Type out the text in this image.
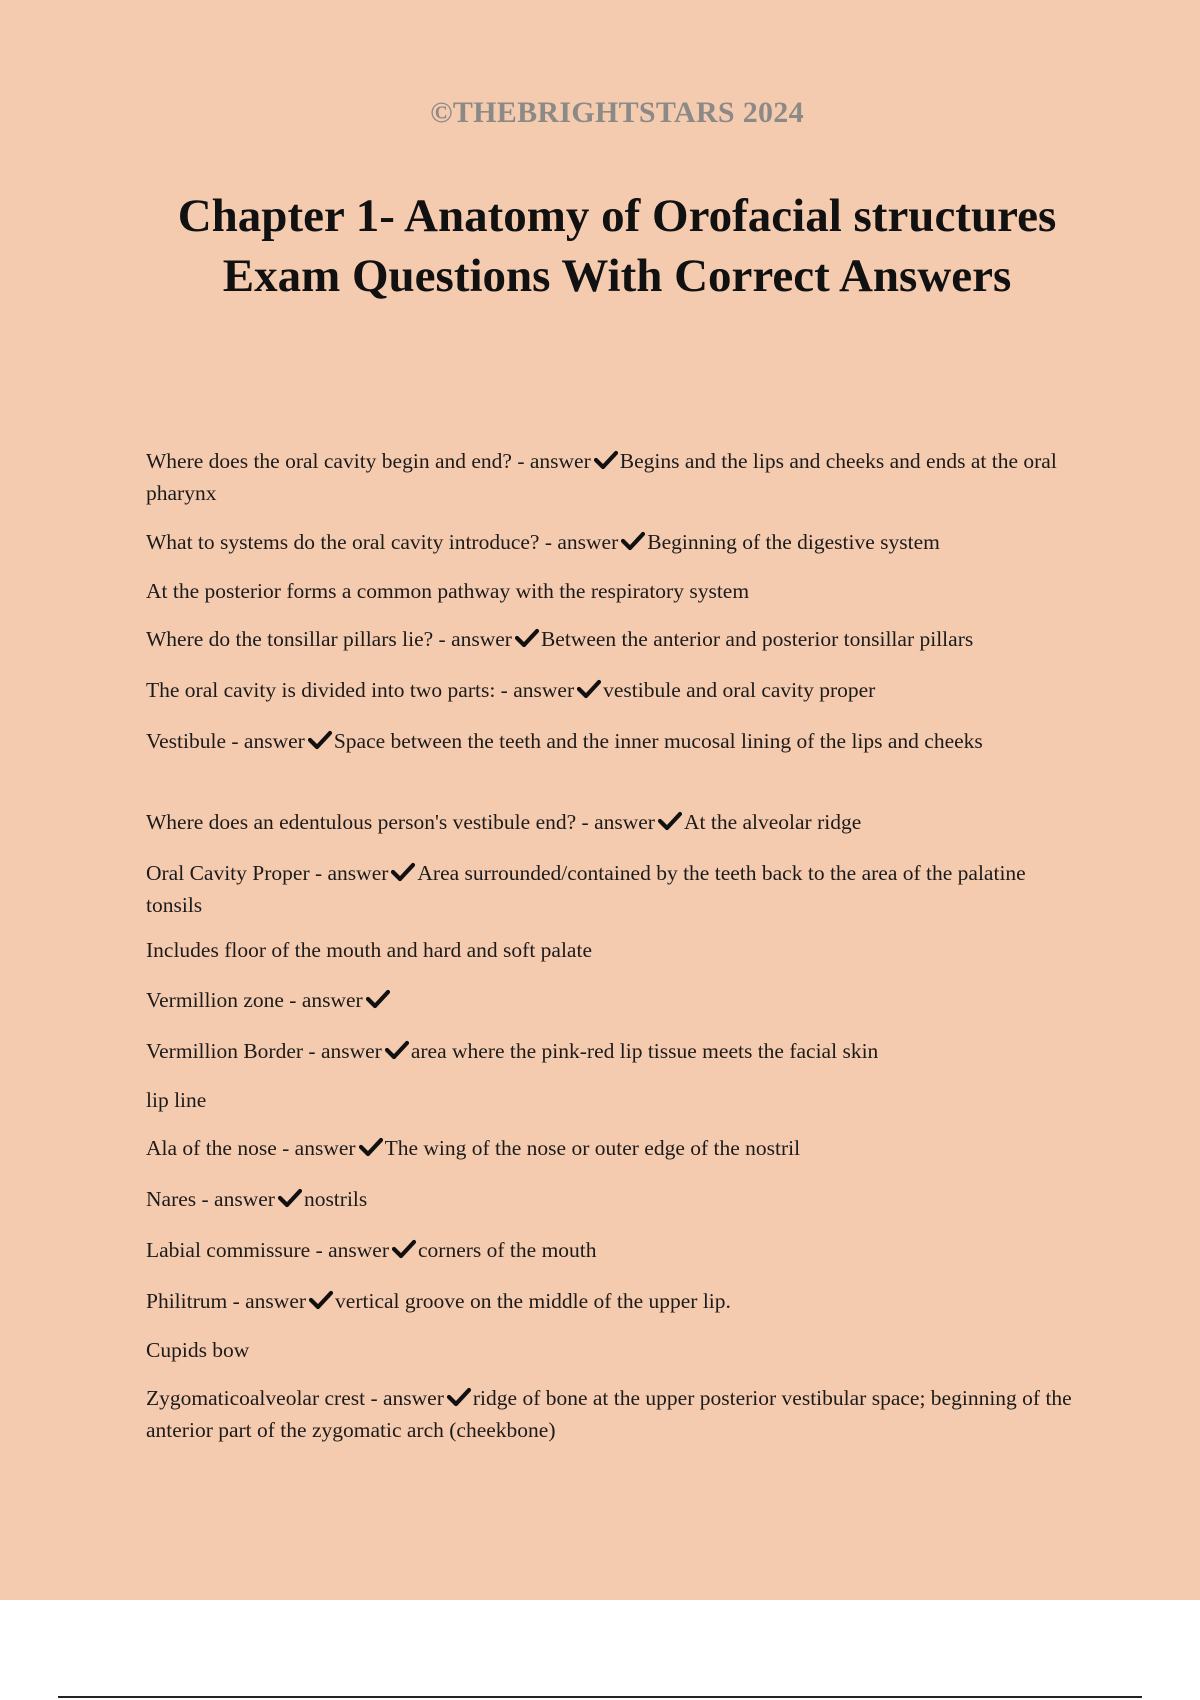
©THEBRIGHTSTARS 2024

Chapter 1- Anatomy of Orofacial structures
Exam Questions With Correct Answers
Where does the oral cavity begin and end? - answer Begins and the lips and cheeks and ends at the oral pharynx
What to systems do the oral cavity introduce? - answer Beginning of the digestive system
At the posterior forms a common pathway with the respiratory system
Where do the tonsillar pillars lie? - answer Between the anterior and posterior tonsillar pillars
The oral cavity is divided into two parts: - answer vestibule and oral cavity proper
Vestibule - answer Space between the teeth and the inner mucosal lining of the lips and cheeks
Where does an edentulous person's vestibule end? - answer At the alveolar ridge
Oral Cavity Proper - answer Area surrounded/contained by the teeth back to the area of the palatine tonsils
Includes floor of the mouth and hard and soft palate
Vermillion zone - answer
Vermillion Border - answer area where the pink-red lip tissue meets the facial skin
lip line
Ala of the nose - answer The wing of the nose or outer edge of the nostril
Nares - answer nostrils
Labial commissure - answer corners of the mouth
Philitrum - answer vertical groove on the middle of the upper lip.
Cupids bow
Zygomaticoalveolar crest - answer ridge of bone at the upper posterior vestibular space; beginning of the anterior part of the zygomatic arch (cheekbone)
